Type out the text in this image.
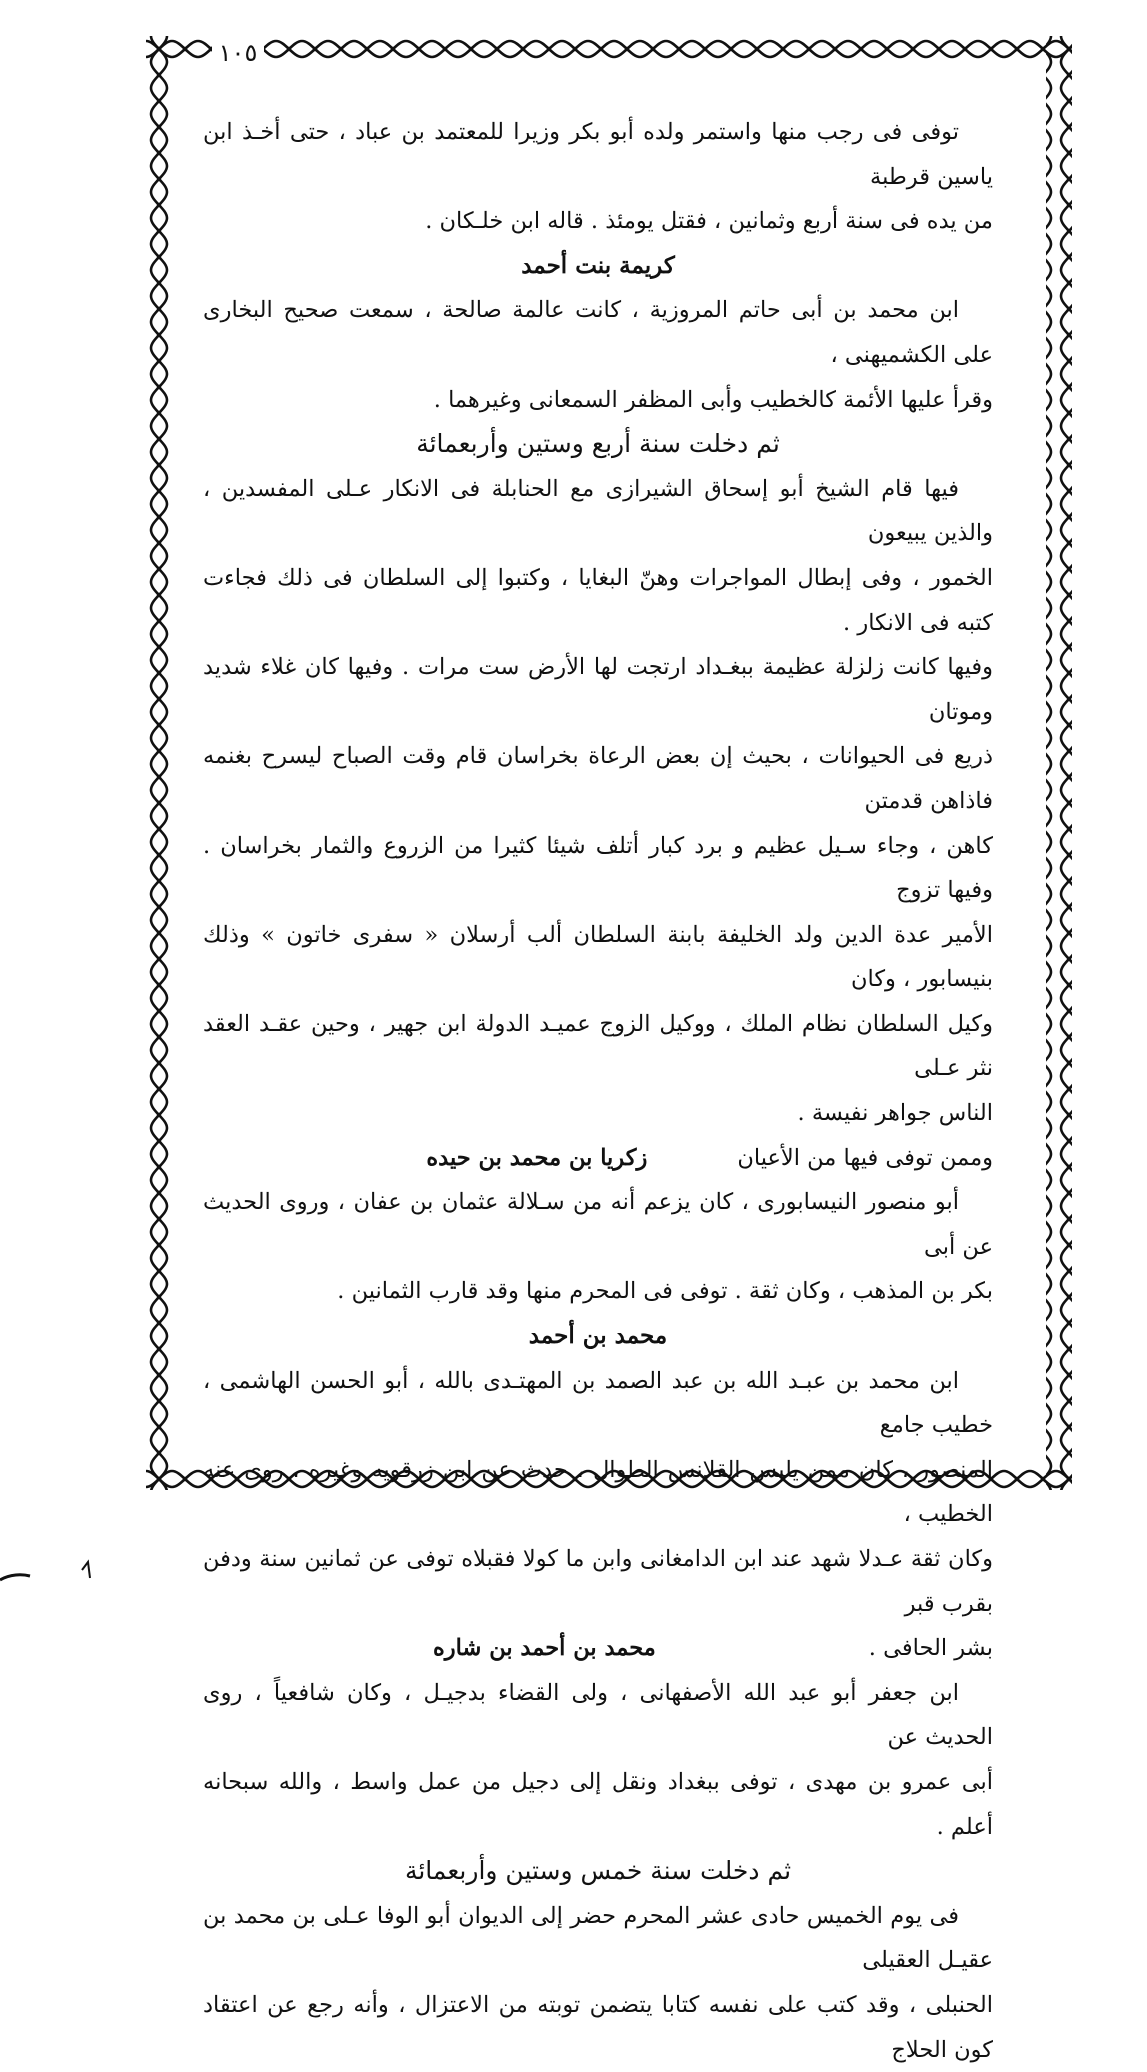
١٠٥

توفى فى رجب منها واستمر ولده أبو بكر وزيرا للمعتمد بن عباد ، حتى أخـذ ابن ياسين قرطبة

من يده فى سنة أربع وثمانين ، فقتل يومئذ . قاله ابن خلـكان .

كريمة بنت أحمد

ابن محمد بن أبى حاتم المروزية ، كانت عالمة صالحة ، سمعت صحيح البخارى على الكشميهنى ،

وقرأ عليها الأئمة كالخطيب وأبى المظفر السمعانى وغيرهما .

ثم دخلت سنة أربع وستين وأربعمائة

فيها قام الشيخ أبو إسحاق الشيرازى مع الحنابلة فى الانكار عـلى المفسدين ، والذين يبيعون

الخمور ، وفى إبطال المواجرات وهنّ البغايا ، وكتبوا إلى السلطان فى ذلك فجاءت كتبه فى الانكار .

وفيها كانت زلزلة عظيمة ببغـداد ارتجت لها الأرض ست مرات . وفيها كان غلاء شديد وموتان

ذريع فى الحيوانات ، بحيث إن بعض الرعاة بخراسان قام وقت الصباح ليسرح بغنمه فاذاهن قدمتن

كاهن ، وجاء سـيل عظيم و برد كبار أتلف شيئا كثيرا من الزروع والثمار بخراسان . وفيها تزوج

الأمير عدة الدين ولد الخليفة بابنة السلطان ألب أرسلان « سفرى خاتون » وذلك بنيسابور ، وكان

وكيل السلطان نظام الملك ، ووكيل الزوج عميـد الدولة ابن جهير ، وحين عقـد العقد نثر عـلى

الناس جواهر نفيسة .

وممن توفى فيها من الأعيان
زكريا بن محمد بن حيده

أبو منصور النيسابورى ، كان يزعم أنه من سـلالة عثمان بن عفان ، وروى الحديث عن أبى

بكر بن المذهب ، وكان ثقة . توفى فى المحرم منها وقد قارب الثمانين .

محمد بن أحمد

ابن محمد بن عبـد الله بن عبد الصمد بن المهتـدى بالله ، أبو الحسن الهاشمى ، خطيب جامع

المنصور ، كان ممن يلبس القلانس الطوال ، حدث عن ابن زرقويه وغيره ، روى عنه الخطيب ،

وكان ثقة عـدلا شهد عند ابن الدامغانى وابن ما كولا فقبلاه توفى عن ثمانين سنة ودفن بقرب قبر

بشر الحافى .
محمد بن أحمد بن شاره

ابن جعفر أبو عبد الله الأصفهانى ، ولى القضاء بدجيـل ، وكان شافعياً ، روى الحديث عن

أبى عمرو بن مهدى ، توفى ببغداد ونقل إلى دجيل من عمل واسط ، والله سبحانه أعلم .

ثم دخلت سنة خمس وستين وأربعمائة

فى يوم الخميس حادى عشر المحرم حضر إلى الديوان أبو الوفا عـلى بن محمد بن عقيـل العقيلى

الحنبلى ، وقد كتب على نفسه كتابا يتضمن توبته من الاعتزال ، وأنه رجع عن اعتقاد كون الحلاج
